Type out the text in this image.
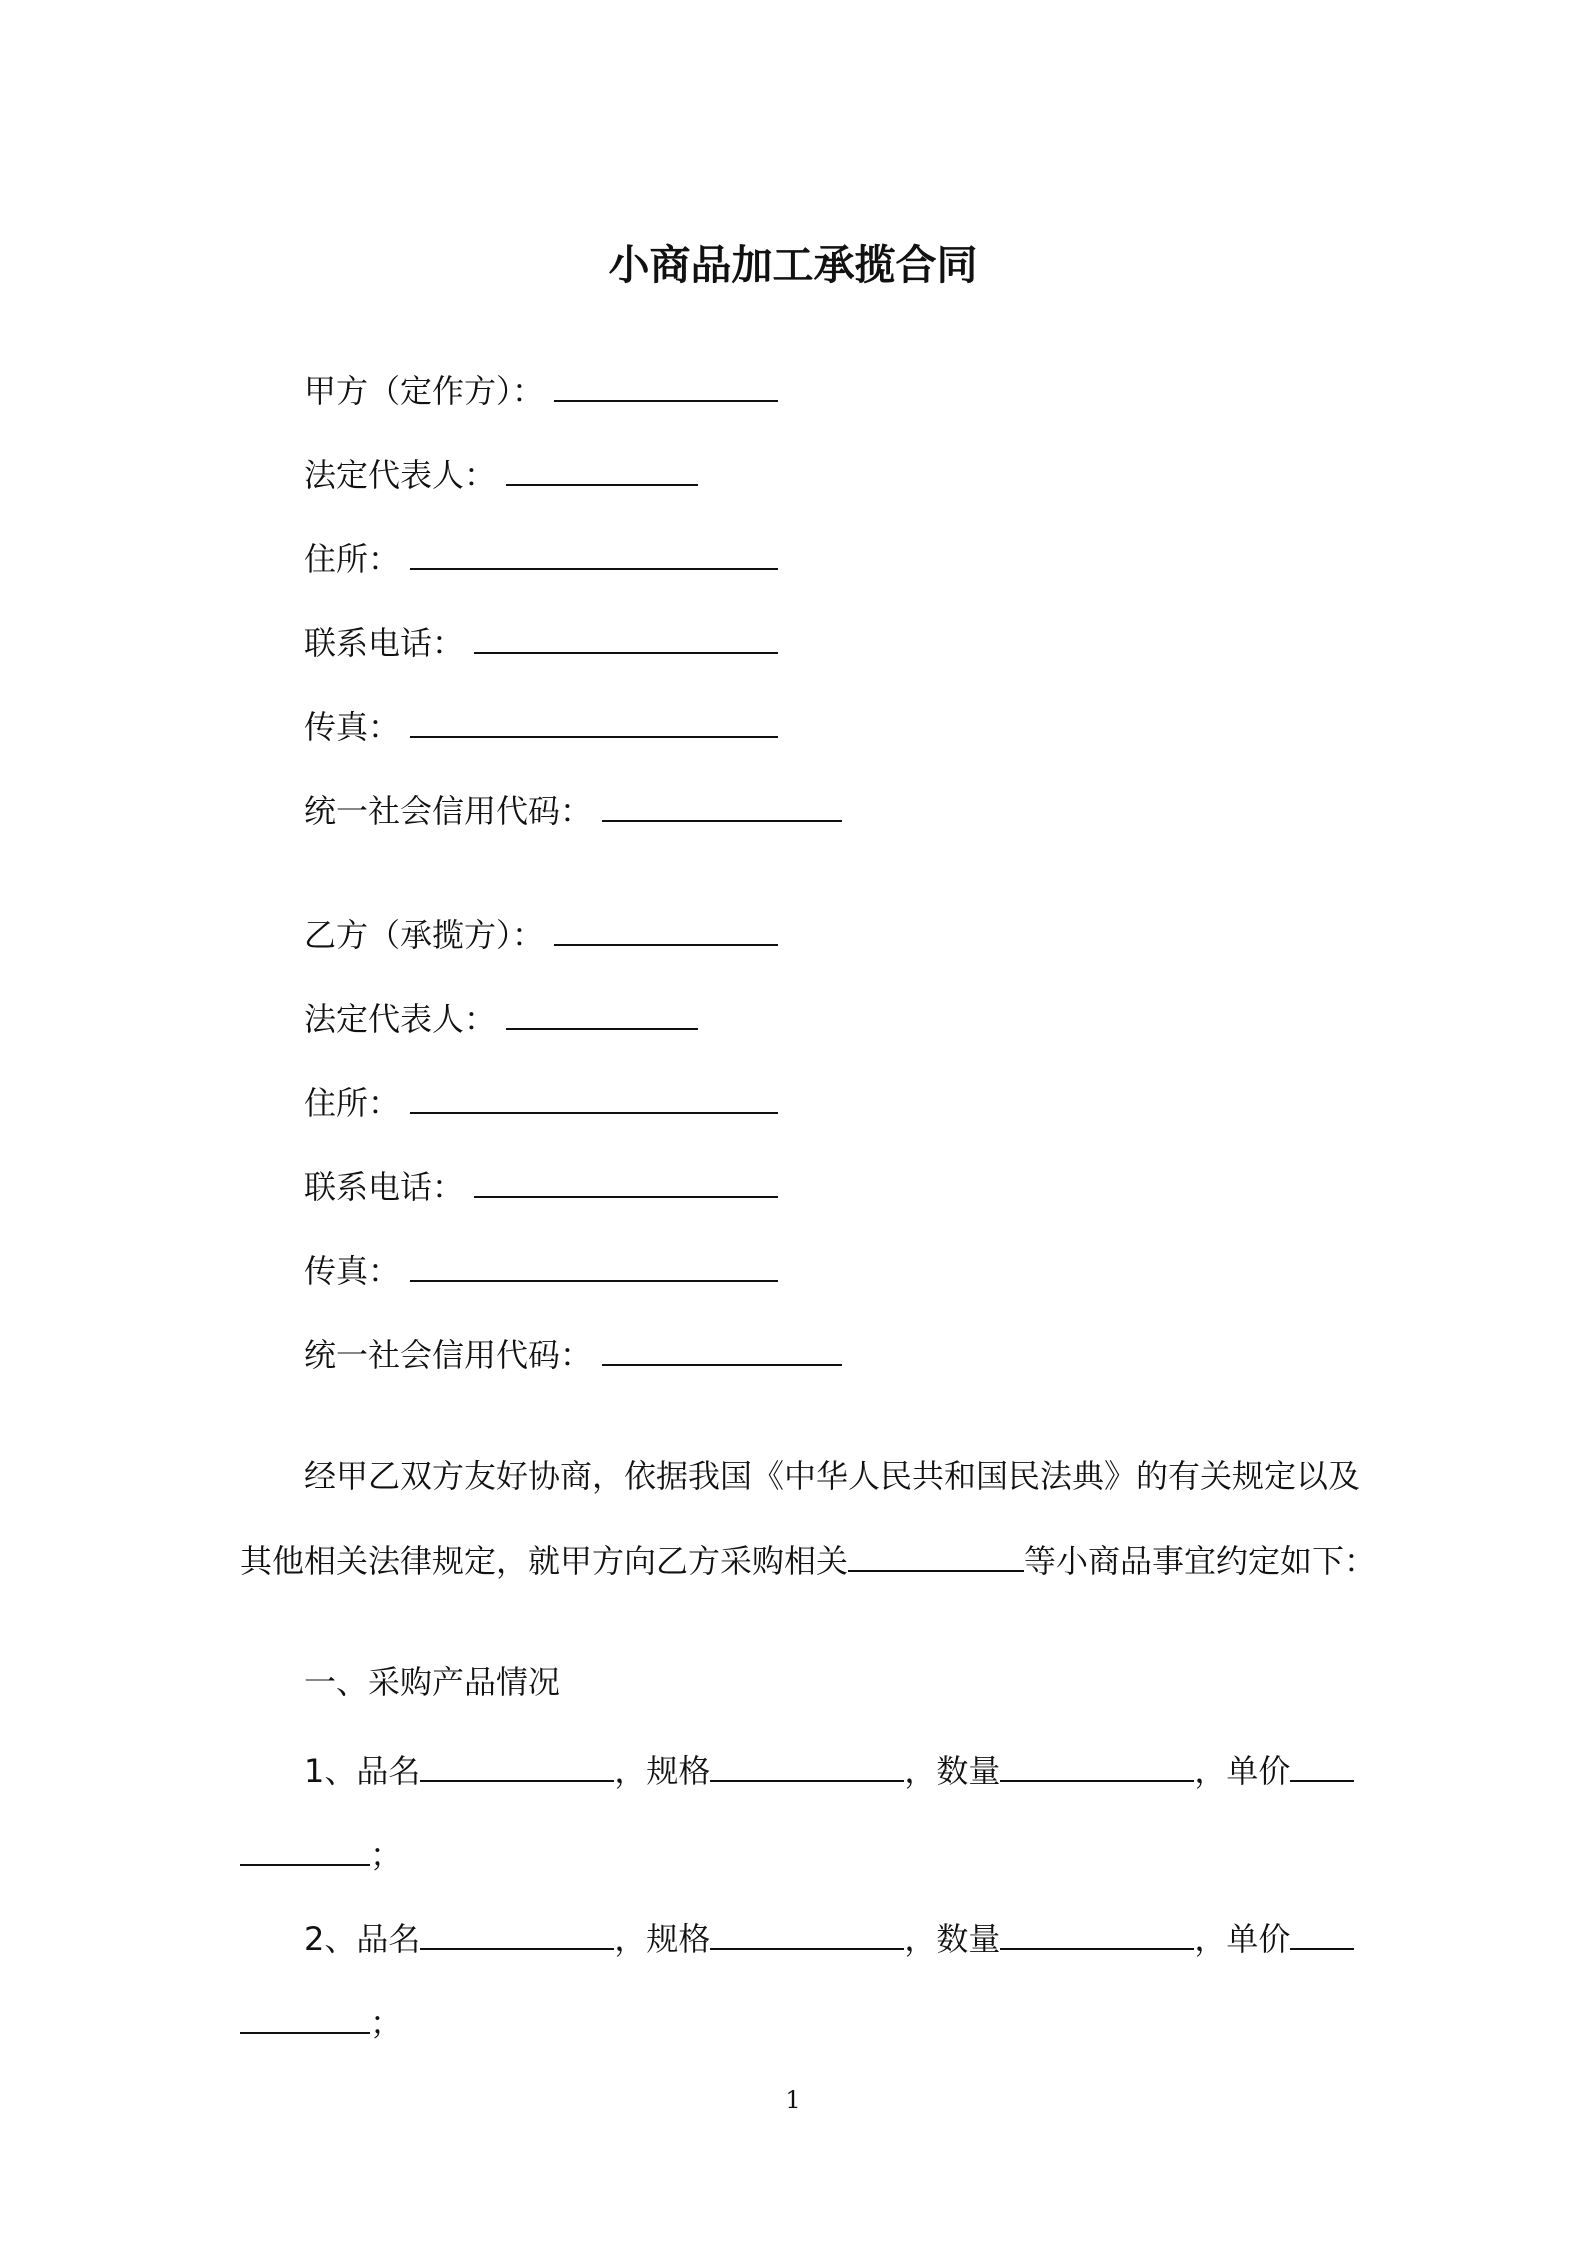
小商品加工承揽合同
甲方（定作方）：
法定代表人：
住所：
联系电话：
传真：
统一社会信用代码：
乙方（承揽方）：
法定代表人：
住所：
联系电话：
传真：
统一社会信用代码：
经甲乙双方友好协商，依据我国《中华人民共和国民法典》的有关规定以及
其他相关法律规定，就甲方向乙方采购相关	等小商品事宜约定如下：
一、采购产品情况
1、品名	，规格	，数量	，单价
；
2、品名	，规格	，数量	，单价
；
1
